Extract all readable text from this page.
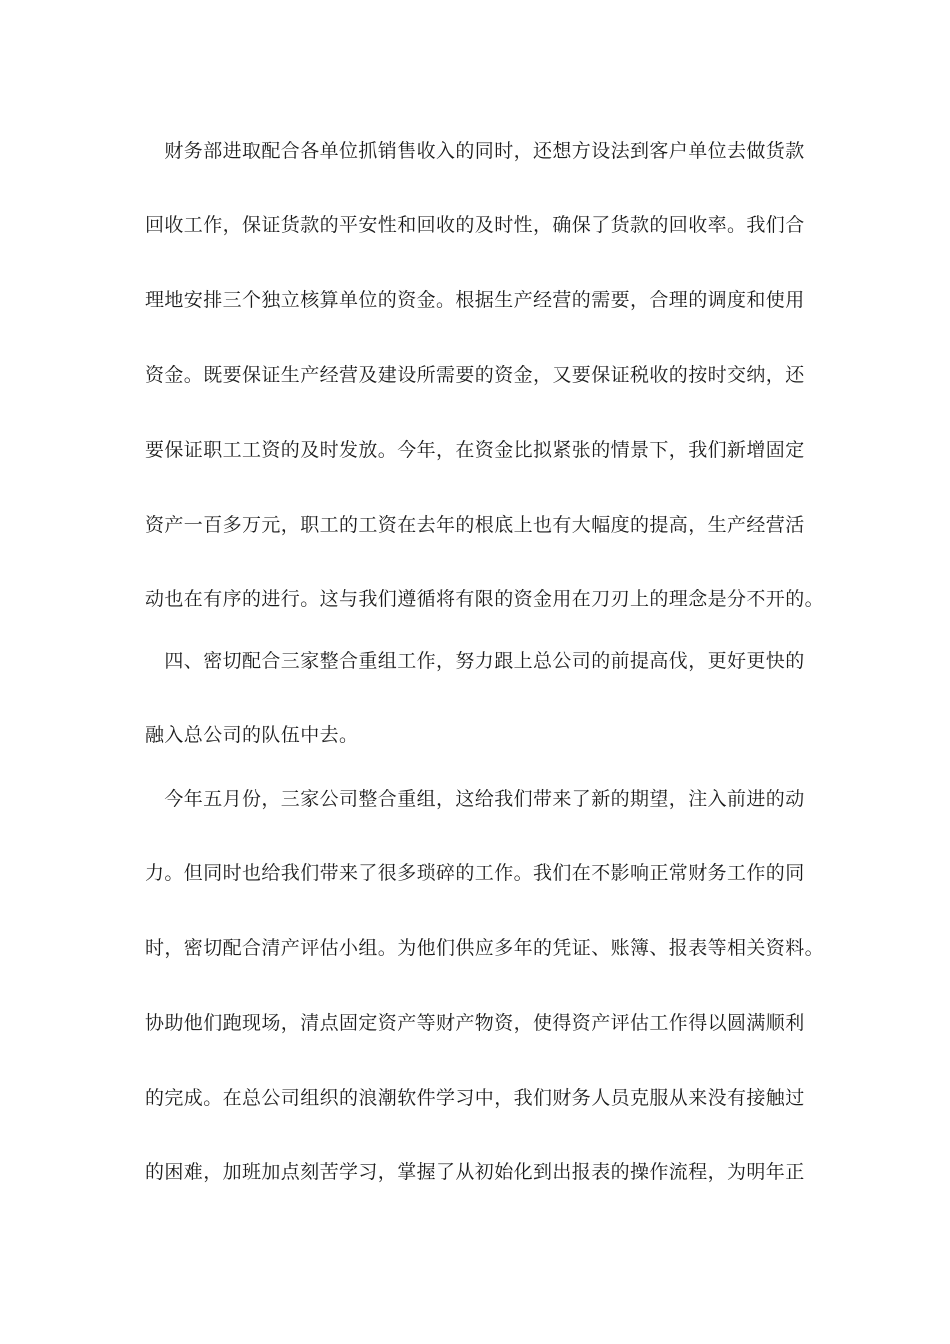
　财务部进取配合各单位抓销售收入的同时，还想方设法到客户单位去做货款
回收工作，保证货款的平安性和回收的及时性，确保了货款的回收率。我们合
理地安排三个独立核算单位的资金。根据生产经营的需要，合理的调度和使用
资金。既要保证生产经营及建设所需要的资金，又要保证税收的按时交纳，还
要保证职工工资的及时发放。今年，在资金比拟紧张的情景下，我们新增固定
资产一百多万元，职工的工资在去年的根底上也有大幅度的提高，生产经营活
动也在有序的进行。这与我们遵循将有限的资金用在刀刃上的理念是分不开的。
　四、密切配合三家整合重组工作，努力跟上总公司的前提高伐，更好更快的
融入总公司的队伍中去。
　今年五月份，三家公司整合重组，这给我们带来了新的期望，注入前进的动
力。但同时也给我们带来了很多琐碎的工作。我们在不影响正常财务工作的同
时，密切配合清产评估小组。为他们供应多年的凭证、账簿、报表等相关资料。
协助他们跑现场，清点固定资产等财产物资，使得资产评估工作得以圆满顺利
的完成。在总公司组织的浪潮软件学习中，我们财务人员克服从来没有接触过
的困难，加班加点刻苦学习，掌握了从初始化到出报表的操作流程，为明年正
